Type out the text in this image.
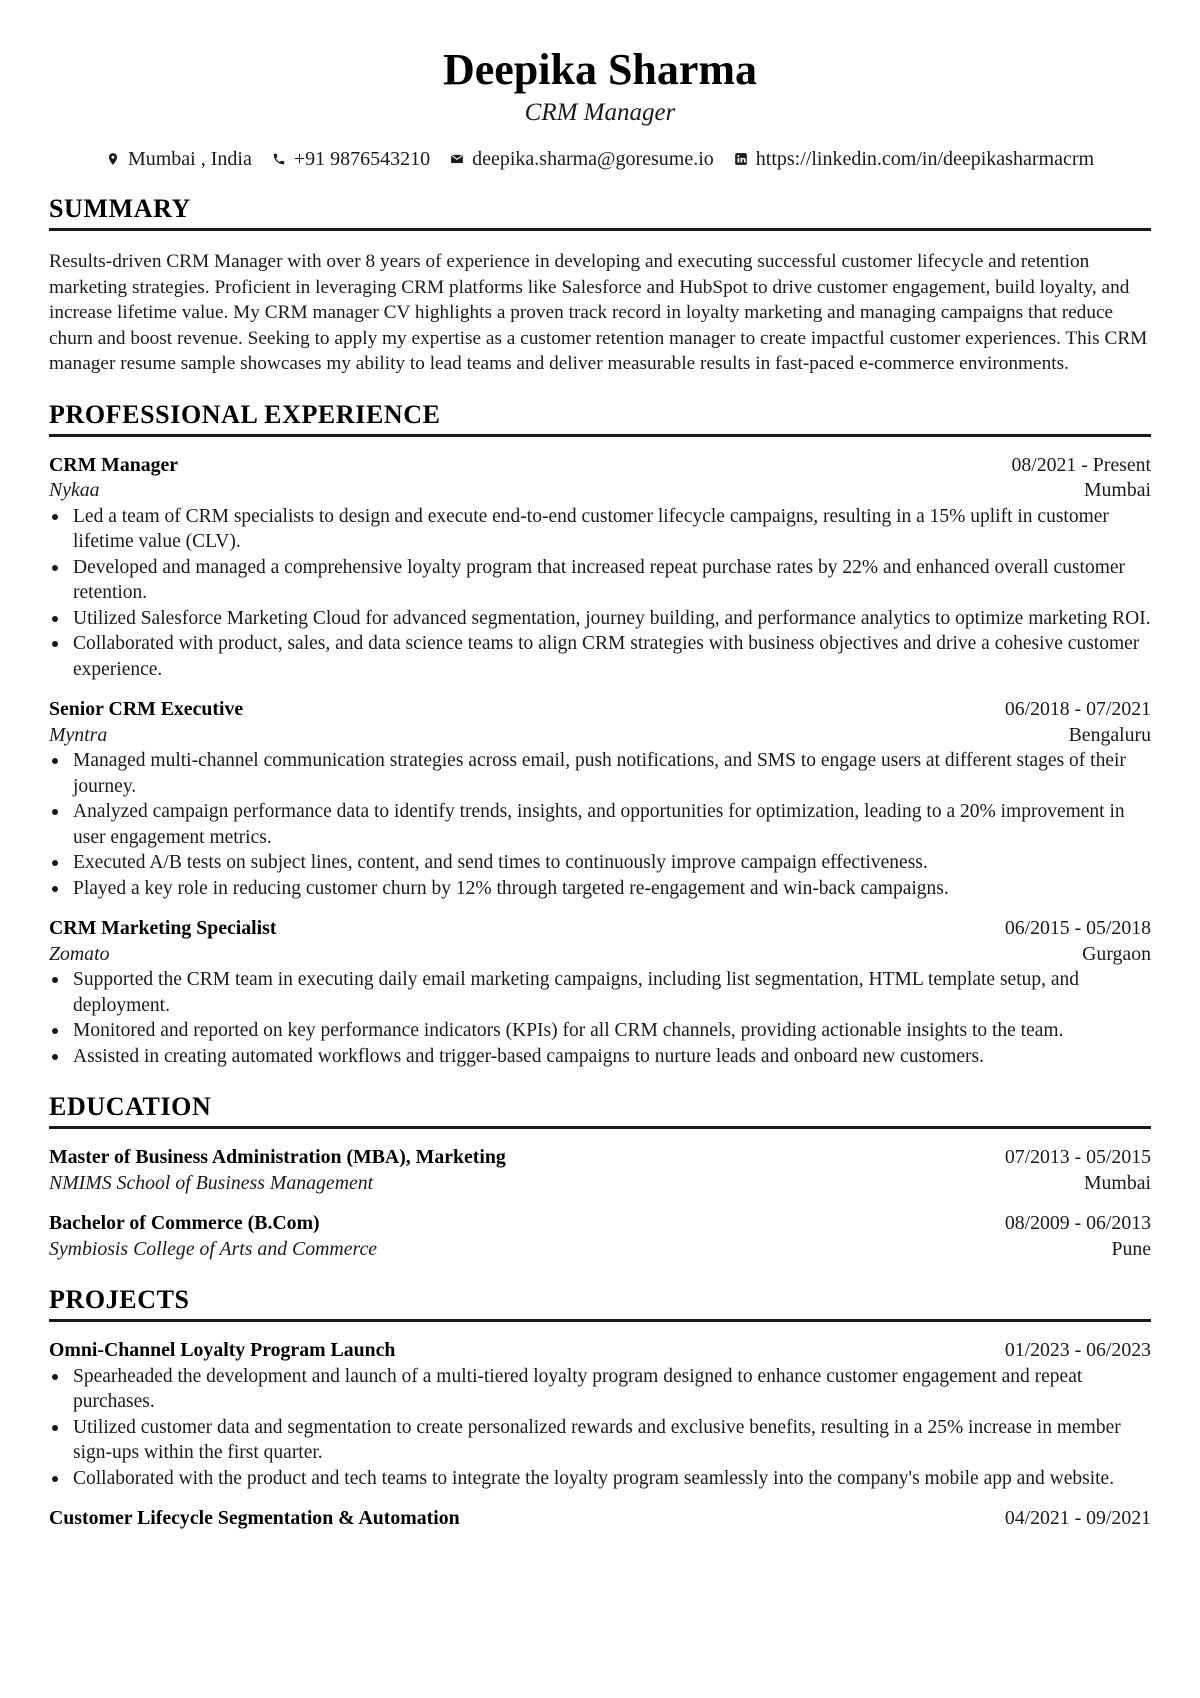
Deepika Sharma
CRM Manager
Mumbai , India +91 9876543210 deepika.sharma@goresume.io https://linkedin.com/in/deepikasharmacrm
SUMMARY

Results-driven CRM Manager with over 8 years of experience in developing and executing successful customer lifecycle and retention marketing strategies. Proficient in leveraging CRM platforms like Salesforce and HubSpot to drive customer engagement, build loyalty, and increase lifetime value. My CRM manager CV highlights a proven track record in loyalty marketing and managing campaigns that reduce churn and boost revenue. Seeking to apply my expertise as a customer retention manager to create impactful customer experiences. This CRM manager resume sample showcases my ability to lead teams and deliver measurable results in fast-paced e-commerce environments.

PROFESSIONAL EXPERIENCE
CRM Manager	08/2021 - Present
Nykaa	Mumbai
Led a team of CRM specialists to design and execute end-to-end customer lifecycle campaigns, resulting in a 15% uplift in customer lifetime value (CLV).
Developed and managed a comprehensive loyalty program that increased repeat purchase rates by 22% and enhanced overall customer retention.
Utilized Salesforce Marketing Cloud for advanced segmentation, journey building, and performance analytics to optimize marketing ROI.
Collaborated with product, sales, and data science teams to align CRM strategies with business objectives and drive a cohesive customer experience.
Senior CRM Executive	06/2018 - 07/2021
Myntra	Bengaluru
Managed multi-channel communication strategies across email, push notifications, and SMS to engage users at different stages of their journey.
Analyzed campaign performance data to identify trends, insights, and opportunities for optimization, leading to a 20% improvement in user engagement metrics.
Executed A/B tests on subject lines, content, and send times to continuously improve campaign effectiveness.
Played a key role in reducing customer churn by 12% through targeted re-engagement and win-back campaigns.
CRM Marketing Specialist	06/2015 - 05/2018
Zomato	Gurgaon
Supported the CRM team in executing daily email marketing campaigns, including list segmentation, HTML template setup, and deployment.
Monitored and reported on key performance indicators (KPIs) for all CRM channels, providing actionable insights to the team.
Assisted in creating automated workflows and trigger-based campaigns to nurture leads and onboard new customers.
EDUCATION
Master of Business Administration (MBA), Marketing	07/2013 - 05/2015
NMIMS School of Business Management	Mumbai
Bachelor of Commerce (B.Com)	08/2009 - 06/2013
Symbiosis College of Arts and Commerce	Pune
PROJECTS
Omni-Channel Loyalty Program Launch	01/2023 - 06/2023
Spearheaded the development and launch of a multi-tiered loyalty program designed to enhance customer engagement and repeat purchases.
Utilized customer data and segmentation to create personalized rewards and exclusive benefits, resulting in a 25% increase in member sign-ups within the first quarter.
Collaborated with the product and tech teams to integrate the loyalty program seamlessly into the company's mobile app and website.
Customer Lifecycle Segmentation & Automation	04/2021 - 09/2021
